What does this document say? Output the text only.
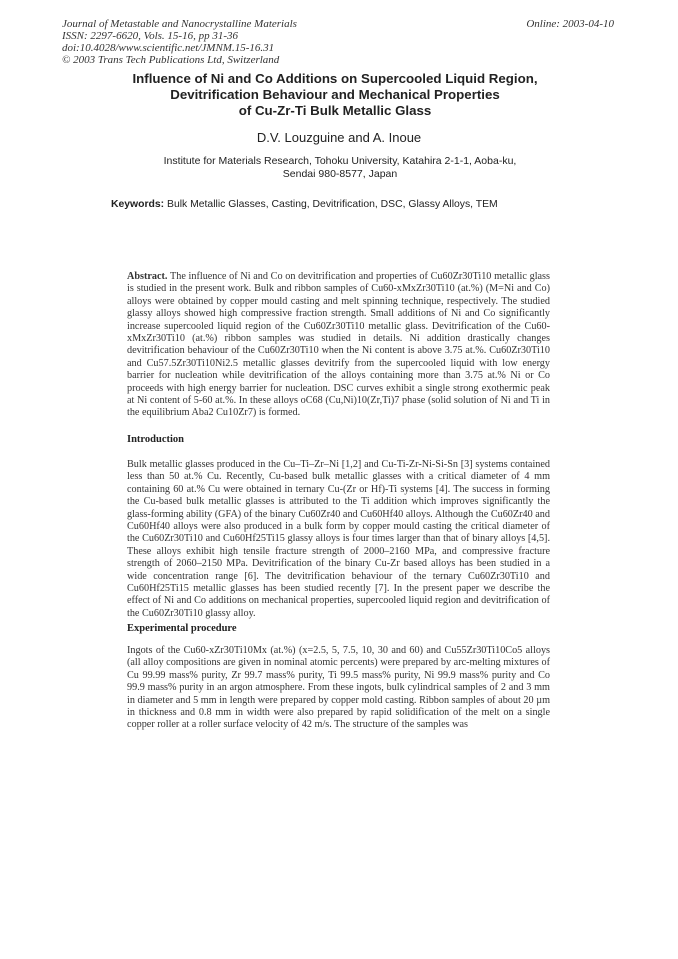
Journal of Metastable and Nanocrystalline Materials
ISSN: 2297-6620, Vols. 15-16, pp 31-36
doi:10.4028/www.scientific.net/JMNM.15-16.31
© 2003 Trans Tech Publications Ltd, Switzerland
Online: 2003-04-10
Influence of Ni and Co Additions on Supercooled Liquid Region,
Devitrification Behaviour and Mechanical Properties
of Cu-Zr-Ti Bulk Metallic Glass
D.V. Louzguine and A. Inoue
Institute for Materials Research, Tohoku University, Katahira 2-1-1, Aoba-ku,
Sendai 980-8577, Japan
Keywords: Bulk Metallic Glasses, Casting, Devitrification, DSC, Glassy Alloys, TEM
Abstract. The influence of Ni and Co on devitrification and properties of Cu60Zr30Ti10 metallic glass is studied in the present work. Bulk and ribbon samples of Cu60-xMxZr30Ti10 (at.%) (M=Ni and Co) alloys were obtained by copper mould casting and melt spinning technique, respectively. The studied glassy alloys showed high compressive fraction strength. Small additions of Ni and Co significantly increase supercooled liquid region of the Cu60Zr30Ti10 metallic glass. Devitrification of the Cu60-xMxZr30Ti10 (at.%) ribbon samples was studied in details. Ni addition drastically changes devitrification behaviour of the Cu60Zr30Ti10 when the Ni content is above 3.75 at.%. Cu60Zr30Ti10 and Cu57.5Zr30Ti10Ni2.5 metallic glasses devitrify from the supercooled liquid with low energy barrier for nucleation while devitrification of the alloys containing more than 3.75 at.% Ni or Co proceeds with high energy barrier for nucleation. DSC curves exhibit a single strong exothermic peak at Ni content of 5-60 at.%. In these alloys oC68 (Cu,Ni)10(Zr,Ti)7 phase (solid solution of Ni and Ti in the equilibrium Aba2 Cu10Zr7) is formed.
Introduction
Bulk metallic glasses produced in the Cu–Ti–Zr–Ni [1,2] and Cu-Ti-Zr-Ni-Si-Sn [3] systems contained less than 50 at.% Cu. Recently, Cu-based bulk metallic glasses with a critical diameter of 4 mm containing 60 at.% Cu were obtained in ternary Cu-(Zr or Hf)-Ti systems [4]. The success in forming the Cu-based bulk metallic glasses is attributed to the Ti addition which improves significantly the glass-forming ability (GFA) of the binary Cu60Zr40 and Cu60Hf40 alloys. Although the Cu60Zr40 and Cu60Hf40 alloys were also produced in a bulk form by copper mould casting the critical diameter of the Cu60Zr30Ti10 and Cu60Hf25Ti15 glassy alloys is four times larger than that of binary alloys [4,5]. These alloys exhibit high tensile fracture strength of 2000–2160 MPa, and compressive fracture strength of 2060–2150 MPa. Devitrification of the binary Cu-Zr based alloys has been studied in a wide concentration range [6]. The devitrification behaviour of the ternary Cu60Zr30Ti10 and Cu60Hf25Ti15 metallic glasses has been studied recently [7]. In the present paper we describe the effect of Ni and Co additions on mechanical properties, supercooled liquid region and devitrification of the Cu60Zr30Ti10 glassy alloy.
Experimental procedure
Ingots of the Cu60-xZr30Ti10Mx (at.%) (x=2.5, 5, 7.5, 10, 30 and 60) and Cu55Zr30Ti10Co5 alloys (all alloy compositions are given in nominal atomic percents) were prepared by arc-melting mixtures of Cu 99.99 mass% purity, Zr 99.7 mass% purity, Ti 99.5 mass% purity, Ni 99.9 mass% purity and Co 99.9 mass% purity in an argon atmosphere. From these ingots, bulk cylindrical samples of 2 and 3 mm in diameter and 5 mm in length were prepared by copper mold casting. Ribbon samples of about 20 µm in thickness and 0.8 mm in width were also prepared by rapid solidification of the melt on a single copper roller at a roller surface velocity of 42 m/s. The structure of the samples was
